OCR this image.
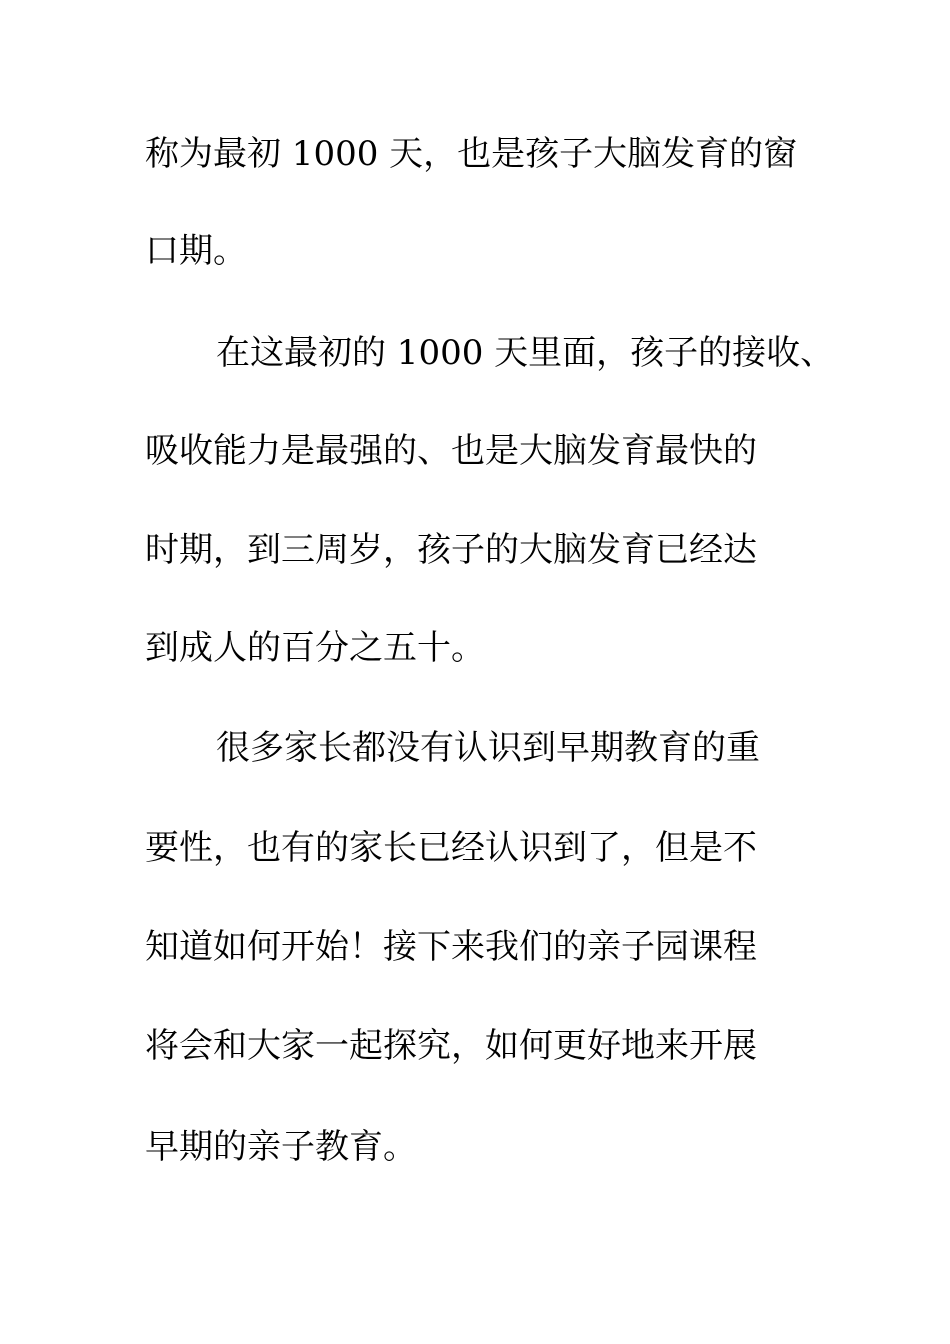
称为最初 1000 天，也是孩子大脑发育的窗
口期。
在这最初的 1000 天里面，孩子的接收、
吸收能力是最强的、也是大脑发育最快的
时期，到三周岁，孩子的大脑发育已经达
到成人的百分之五十。
很多家长都没有认识到早期教育的重
要性，也有的家长已经认识到了，但是不
知道如何开始！接下来我们的亲子园课程
将会和大家一起探究，如何更好地来开展
早期的亲子教育。
